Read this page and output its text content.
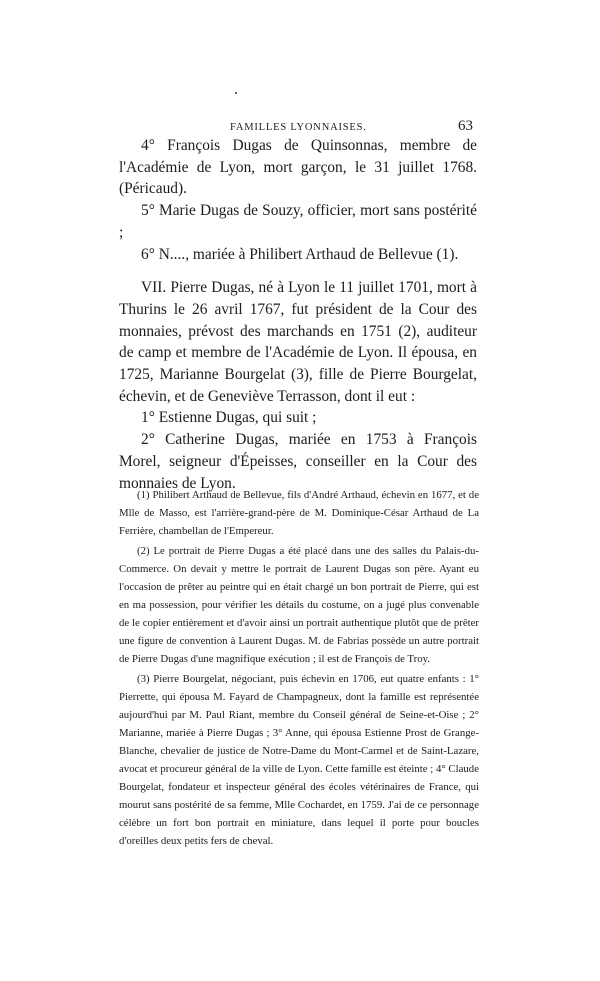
FAMILLES LYONNAISES.	63

4° François Dugas de Quinsonnas, membre de l'Académie de Lyon, mort garçon, le 31 juillet 1768. (Péricaud).

5° Marie Dugas de Souzy, officier, mort sans postérité ;

6° N...., mariée à Philibert Arthaud de Bellevue (1).

VII. Pierre Dugas, né à Lyon le 11 juillet 1701, mort à Thurins le 26 avril 1767, fut président de la Cour des monnaies, prévost des marchands en 1751 (2), auditeur de camp et membre de l'Académie de Lyon. Il épousa, en 1725, Marianne Bourgelat (3), fille de Pierre Bourgelat, échevin, et de Geneviève Terrasson, dont il eut :

1° Estienne Dugas, qui suit ;

2° Catherine Dugas, mariée en 1753 à François Morel, seigneur d'Épeisses, conseiller en la Cour des monnaies de Lyon.

(1) Philibert Arthaud de Bellevue, fils d'André Arthaud, échevin en 1677, et de Mlle de Masso, est l'arrière-grand-père de M. Dominique-César Arthaud de La Ferrière, chambellan de l'Empereur.

(2) Le portrait de Pierre Dugas a été placé dans une des salles du Palais-du-Commerce. On devait y mettre le portrait de Laurent Dugas son père. Ayant eu l'occasion de prêter au peintre qui en était chargé un bon portrait de Pierre, qui est en ma possession, pour vérifier les détails du costume, on a jugé plus convenable de le copier entièrement et d'avoir ainsi un portrait authentique plutôt que de prêter une figure de convention à Laurent Dugas. M. de Fabrias possède un autre portrait de Pierre Dugas d'une magnifique exécution ; il est de François de Troy.

(3) Pierre Bourgelat, négociant, puis échevin en 1706, eut quatre enfants : 1° Pierrette, qui épousa M. Fayard de Champagneux, dont la famille est représentée aujourd'hui par M. Paul Riant, membre du Conseil général de Seine-et-Oise ; 2° Marianne, mariée à Pierre Dugas ; 3° Anne, qui épousa Estienne Prost de Grange-Blanche, chevalier de justice de Notre-Dame du Mont-Carmel et de Saint-Lazare, avocat et procureur général de la ville de Lyon. Cette famille est éteinte ; 4° Claude Bourgelat, fondateur et inspecteur général des écoles vétérinaires de France, qui mourut sans postérité de sa femme, Mlle Cochardet, en 1759. J'ai de ce personnage célèbre un fort bon portrait en miniature, dans lequel il porte pour boucles d'oreilles deux petits fers de cheval.
